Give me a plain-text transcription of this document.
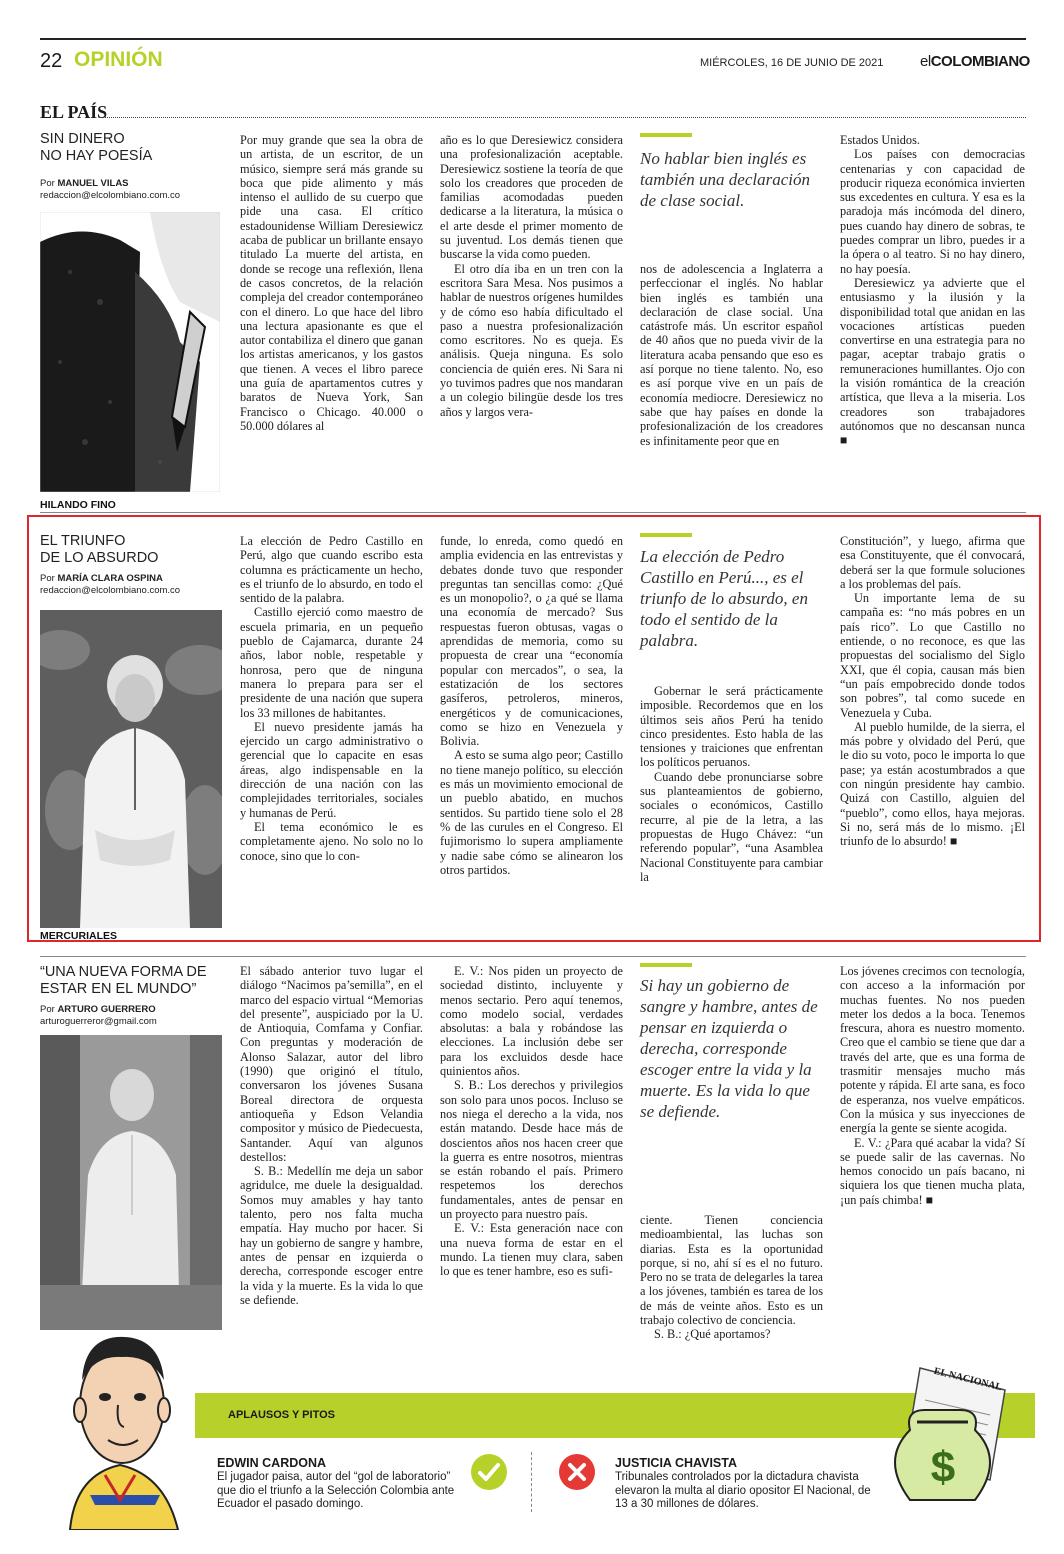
22 OPINIÓN	MIÉRCOLES, 16 DE JUNIO DE 2021 elCOLOMBIANO
EL PAÍS
SIN DINERO
NO HAY POESÍA
Por MANUEL VILAS
redaccion@elcolombiano.com.co

Por muy grande que sea la obra de un artista, de un escritor, de un músico, siempre será más grande su boca que pide alimento y más intenso el aullido de su cuerpo que pide una casa. El crítico estadounidense William Deresiewicz acaba de publicar un brillante ensayo titulado La muerte del artista, en donde se recoge una reflexión, llena de casos concretos, de la relación compleja del creador contemporáneo con el dinero. Lo que hace del libro una lectura apasionante es que el autor contabiliza el dinero que ganan los artistas americanos, y los gastos que tienen. A veces el libro parece una guía de apartamentos cutres y baratos de Nueva York, San Francisco o Chicago. 40.000 o 50.000 dólares al

año es lo que Deresiewicz considera una profesionalización aceptable. Deresiewicz sostiene la teoría de que solo los creadores que proceden de familias acomodadas pueden dedicarse a la literatura, la música o el arte desde el primer momento de su juventud. Los demás tienen que buscarse la vida como pueden.

El otro día iba en un tren con la escritora Sara Mesa. Nos pusimos a hablar de nuestros orígenes humildes y de cómo eso había dificultado el paso a nuestra profesionalización como escritores. No es queja. Es análisis. Queja ninguna. Es solo conciencia de quién eres. Ni Sara ni yo tuvimos padres que nos mandaran a un colegio bilingüe desde los tres años y largos vera-

No hablar bien inglés es también una declaración de clase social.

nos de adolescencia a Inglaterra a perfeccionar el inglés. No hablar bien inglés es también una declaración de clase social. Una catástrofe más. Un escritor español de 40 años que no pueda vivir de la literatura acaba pensando que eso es así porque no tiene talento. No, eso es así porque vive en un país de economía mediocre. Deresiewicz no sabe que hay países en donde la profesionalización de los creadores es infinitamente peor que en

Estados Unidos.

Los países con democracias centenarias y con capacidad de producir riqueza económica invierten sus excedentes en cultura. Y esa es la paradoja más incómoda del dinero, pues cuando hay dinero de sobras, te puedes comprar un libro, puedes ir a la ópera o al teatro. Si no hay dinero, no hay poesía.

Deresiewicz ya advierte que el entusiasmo y la ilusión y la disponibilidad total que anidan en las vocaciones artísticas pueden convertirse en una estrategia para no pagar, aceptar trabajo gratis o remuneraciones humillantes. Ojo con la visión romántica de la creación artística, que lleva a la miseria. Los creadores son trabajadores autónomos que no descansan nunca ■

HILANDO FINO
EL TRIUNFO
DE LO ABSURDO
Por MARÍA CLARA OSPINA
redaccion@elcolombiano.com.co

La elección de Pedro Castillo en Perú, algo que cuando escribo esta columna es prácticamente un hecho, es el triunfo de lo absurdo, en todo el sentido de la palabra.

Castillo ejerció como maestro de escuela primaria, en un pequeño pueblo de Cajamarca, durante 24 años, labor noble, respetable y honrosa, pero que de ninguna manera lo prepara para ser el presidente de una nación que supera los 33 millones de habitantes.

El nuevo presidente jamás ha ejercido un cargo administrativo o gerencial que lo capacite en esas áreas, algo indispensable en la dirección de una nación con las complejidades territoriales, sociales y humanas de Perú.

El tema económico le es completamente ajeno. No solo no lo conoce, sino que lo con-

funde, lo enreda, como quedó en amplia evidencia en las entrevistas y debates donde tuvo que responder preguntas tan sencillas como: ¿Qué es un monopolio?, o ¿a qué se llama una economía de mercado? Sus respuestas fueron obtusas, vagas o aprendidas de memoria, como su propuesta de crear una “economía popular con mercados”, o sea, la estatización de los sectores gasíferos, petroleros, mineros, energéticos y de comunicaciones, como se hizo en Venezuela y Bolivia.

A esto se suma algo peor; Castillo no tiene manejo político, su elección es más un movimiento emocional de un pueblo abatido, en muchos sentidos. Su partido tiene solo el 28 % de las curules en el Congreso. El fujimorismo lo supera ampliamente y nadie sabe cómo se alinearon los otros partidos.

La elección de Pedro Castillo en Perú..., es el triunfo de lo absurdo, en todo el sentido de la palabra.

Gobernar le será prácticamente imposible. Recordemos que en los últimos seis años Perú ha tenido cinco presidentes. Esto habla de las tensiones y traiciones que enfrentan los políticos peruanos.

Cuando debe pronunciarse sobre sus planteamientos de gobierno, sociales o económicos, Castillo recurre, al pie de la letra, a las propuestas de Hugo Chávez: “un referendo popular”, “una Asamblea Nacional Constituyente para cambiar la

Constitución”, y luego, afirma que esa Constituyente, que él convocará, deberá ser la que formule soluciones a los problemas del país.

Un importante lema de su campaña es: “no más pobres en un país rico”. Lo que Castillo no entiende, o no reconoce, es que las propuestas del socialismo del Siglo XXI, que él copia, causan más bien “un país empobrecido donde todos son pobres”, tal como sucede en Venezuela y Cuba.

Al pueblo humilde, de la sierra, el más pobre y olvidado del Perú, que le dio su voto, poco le importa lo que pase; ya están acostumbrados a que con ningún presidente hay cambio. Quizá con Castillo, alguien del “pueblo”, como ellos, haya mejoras. Si no, será más de lo mismo. ¡El triunfo de lo absurdo! ■

MERCURIALES
“UNA NUEVA FORMA DE
ESTAR EN EL MUNDO”
Por ARTURO GUERRERO
arturoguerreror@gmail.com

El sábado anterior tuvo lugar el diálogo “Nacimos pa’semilla”, en el marco del espacio virtual “Memorias del presente”, auspiciado por la U. de Antioquia, Comfama y Confiar. Con preguntas y moderación de Alonso Salazar, autor del libro (1990) que originó el título, conversaron los jóvenes Susana Boreal directora de orquesta antioqueña y Edson Velandia compositor y músico de Piedecuesta, Santander. Aquí van algunos destellos:

S. B.: Medellín me deja un sabor agridulce, me duele la desigualdad. Somos muy amables y hay tanto talento, pero nos falta mucha empatía. Hay mucho por hacer. Si hay un gobierno de sangre y hambre, antes de pensar en izquierda o derecha, corresponde escoger entre la vida y la muerte. Es la vida lo que se defiende.

E. V.: Nos piden un proyecto de sociedad distinto, incluyente y menos sectario. Pero aquí tenemos, como modelo social, verdades absolutas: a bala y robándose las elecciones. La inclusión debe ser para los excluidos desde hace quinientos años.

S. B.: Los derechos y privilegios son solo para unos pocos. Incluso se nos niega el derecho a la vida, nos están matando. Desde hace más de doscientos años nos hacen creer que la guerra es entre nosotros, mientras se están robando el país. Primero respetemos los derechos fundamentales, antes de pensar en un proyecto para nuestro país.

E. V.: Esta generación nace con una nueva forma de estar en el mundo. La tienen muy clara, saben lo que es tener hambre, eso es sufi-

Si hay un gobierno de sangre y hambre, antes de pensar en izquierda o derecha, corresponde escoger entre la vida y la muerte. Es la vida lo que se defiende.

ciente. Tienen conciencia medioambiental, las luchas son diarias. Esta es la oportunidad porque, si no, ahí sí es el no futuro. Pero no se trata de delegarles la tarea a los jóvenes, también es tarea de los de más de veinte años. Esto es un trabajo colectivo de conciencia.

S. B.: ¿Qué aportamos?

Los jóvenes crecimos con tecnología, con acceso a la información por muchas fuentes. No nos pueden meter los dedos a la boca. Tenemos frescura, ahora es nuestro momento. Creo que el cambio se tiene que dar a través del arte, que es una forma de trasmitir mensajes mucho más potente y rápida. El arte sana, es foco de esperanza, nos vuelve empáticos. Con la música y sus inyecciones de energía la gente se siente acogida.

E. V.: ¿Para qué acabar la vida? Sí se puede salir de las cavernas. No hemos conocido un país bacano, ni siquiera los que tienen mucha plata, ¡un país chimba! ■

APLAUSOS Y PITOS
$
EL NACIONAL
EDWIN CARDONA
El jugador paisa, autor del “gol de laboratorio” que dio el triunfo a la Selección Colombia ante Ecuador el pasado domingo.
JUSTICIA CHAVISTA
Tribunales controlados por la dictadura chavista elevaron la multa al diario opositor El Nacional, de 13 a 30 millones de dólares.
